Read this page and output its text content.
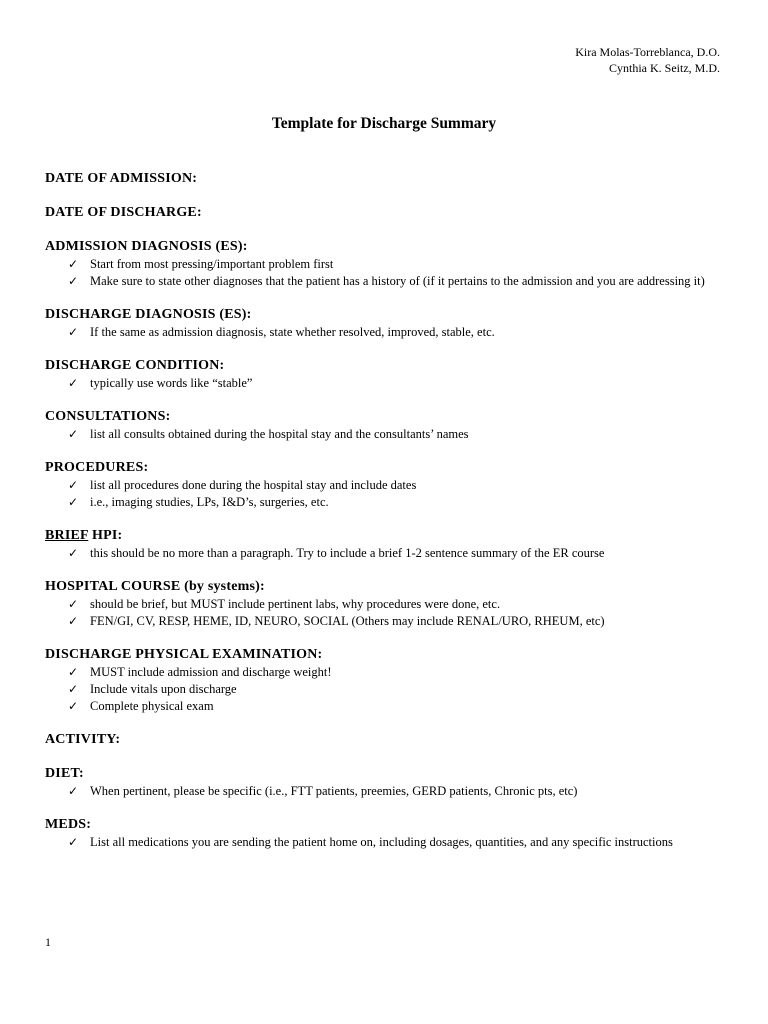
Kira Molas-Torreblanca, D.O.
Cynthia K. Seitz, M.D.
Template for Discharge Summary
DATE OF ADMISSION:
DATE OF DISCHARGE:
ADMISSION DIAGNOSIS (ES):
✓ Start from most pressing/important problem first
✓ Make sure to state other diagnoses that the patient has a history of (if it pertains to the admission and you are addressing it)
DISCHARGE DIAGNOSIS (ES):
✓ If the same as admission diagnosis, state whether resolved, improved, stable, etc.
DISCHARGE CONDITION:
✓ typically use words like “stable”
CONSULTATIONS:
✓ list all consults obtained during the hospital stay and the consultants’ names
PROCEDURES:
✓ list all procedures done during the hospital stay and include dates
✓ i.e., imaging studies, LPs, I&D’s, surgeries, etc.
BRIEF HPI:
✓ this should be no more than a paragraph. Try to include a brief 1-2 sentence summary of the ER course
HOSPITAL COURSE (by systems):
✓ should be brief, but MUST include pertinent labs, why procedures were done, etc.
✓ FEN/GI, CV, RESP, HEME, ID, NEURO, SOCIAL (Others may include RENAL/URO, RHEUM, etc)
DISCHARGE PHYSICAL EXAMINATION:
✓ MUST include admission and discharge weight!
✓ Include vitals upon discharge
✓ Complete physical exam
ACTIVITY:
DIET:
✓ When pertinent, please be specific (i.e., FTT patients, preemies, GERD patients, Chronic pts, etc)
MEDS:
✓ List all medications you are sending the patient home on, including dosages, quantities, and any specific instructions
1
